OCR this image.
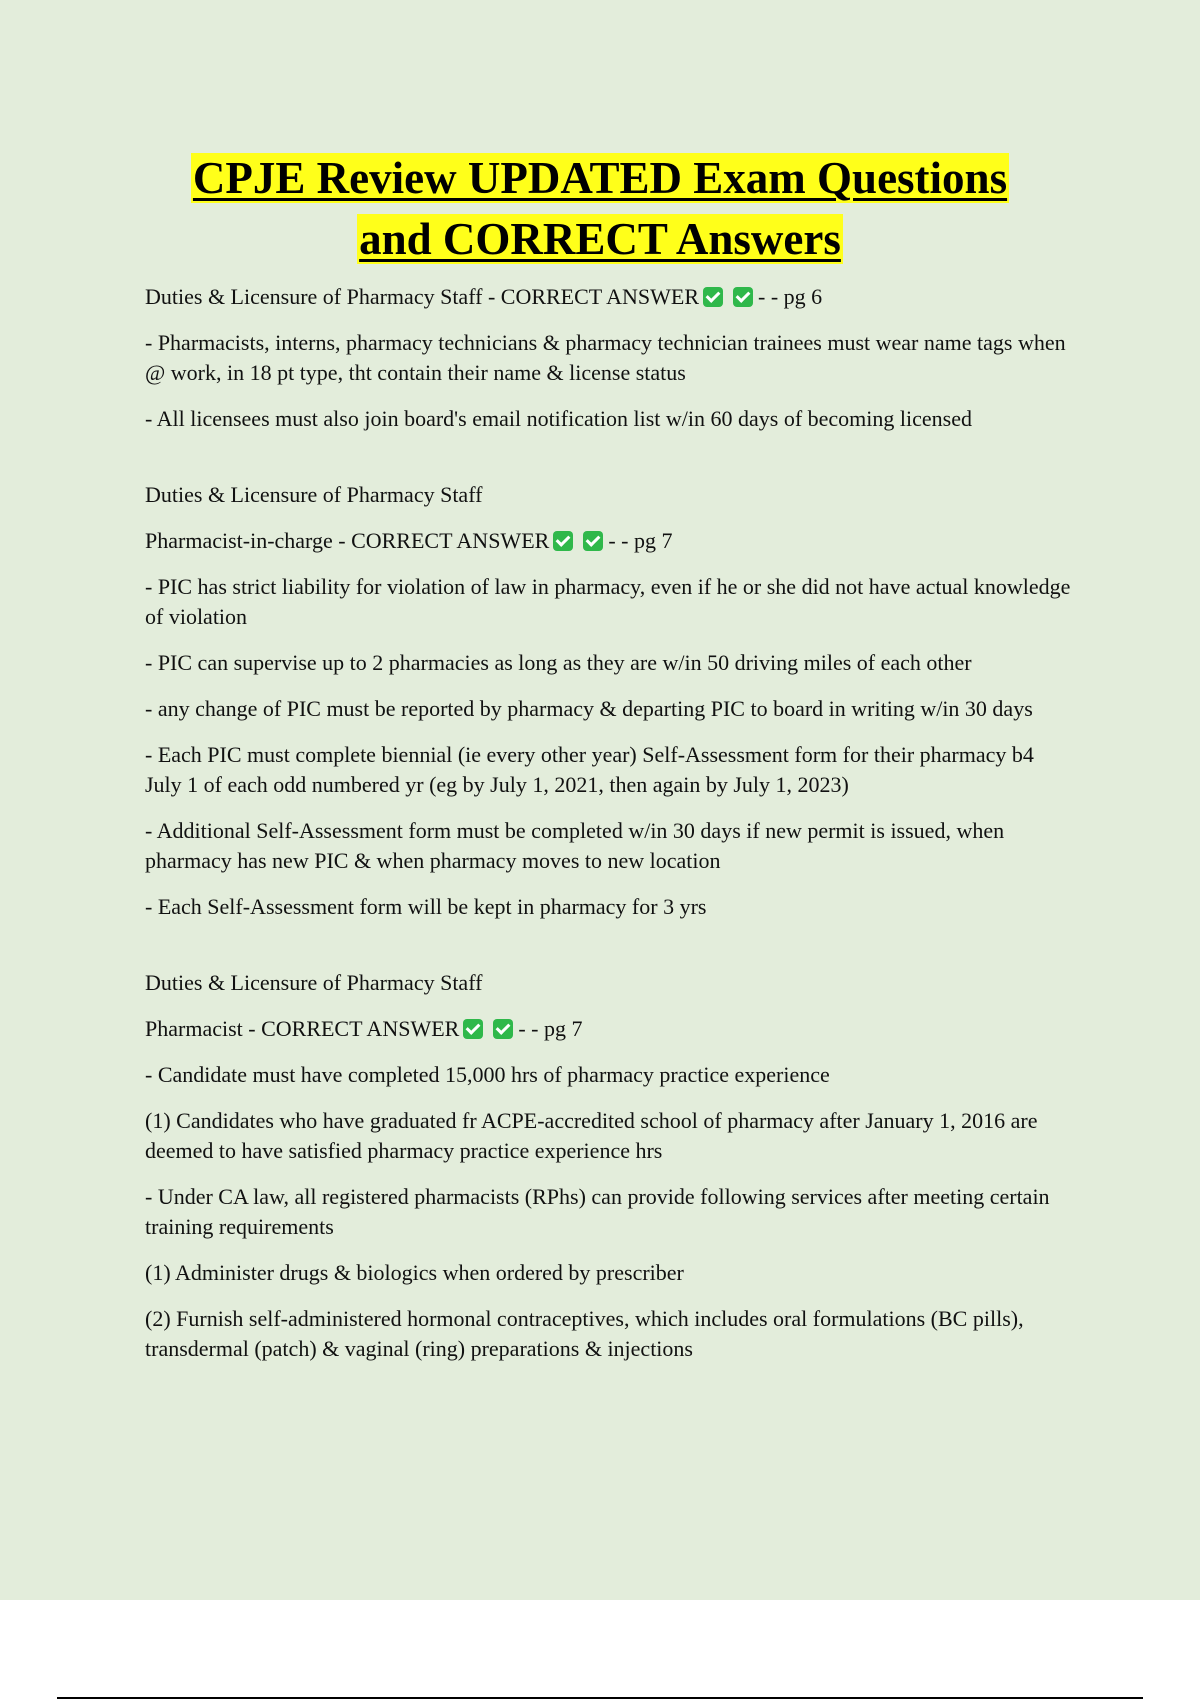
CPJE Review UPDATED Exam Questions
and CORRECT Answers

Duties & Licensure of Pharmacy Staff - CORRECT ANSWER	- - pg 6

- Pharmacists, interns, pharmacy technicians & pharmacy technician trainees must wear name tags when @ work, in 18 pt type, tht contain their name & license status

- All licensees must also join board's email notification list w/in 60 days of becoming licensed

Duties & Licensure of Pharmacy Staff

Pharmacist-in-charge - CORRECT ANSWER	- - pg 7

- PIC has strict liability for violation of law in pharmacy, even if he or she did not have actual knowledge of violation

- PIC can supervise up to 2 pharmacies as long as they are w/in 50 driving miles of each other

- any change of PIC must be reported by pharmacy & departing PIC to board in writing w/in 30 days

- Each PIC must complete biennial (ie every other year) Self-Assessment form for their pharmacy b4 July 1 of each odd numbered yr (eg by July 1, 2021, then again by July 1, 2023)

- Additional Self-Assessment form must be completed w/in 30 days if new permit is issued, when pharmacy has new PIC & when pharmacy moves to new location

- Each Self-Assessment form will be kept in pharmacy for 3 yrs

Duties & Licensure of Pharmacy Staff

Pharmacist - CORRECT ANSWER	- - pg 7

- Candidate must have completed 15,000 hrs of pharmacy practice experience

(1) Candidates who have graduated fr ACPE-accredited school of pharmacy after January 1, 2016 are deemed to have satisfied pharmacy practice experience hrs

- Under CA law, all registered pharmacists (RPhs) can provide following services after meeting certain training requirements

(1) Administer drugs & biologics when ordered by prescriber

(2) Furnish self-administered hormonal contraceptives, which includes oral formulations (BC pills), transdermal (patch) & vaginal (ring) preparations & injections
